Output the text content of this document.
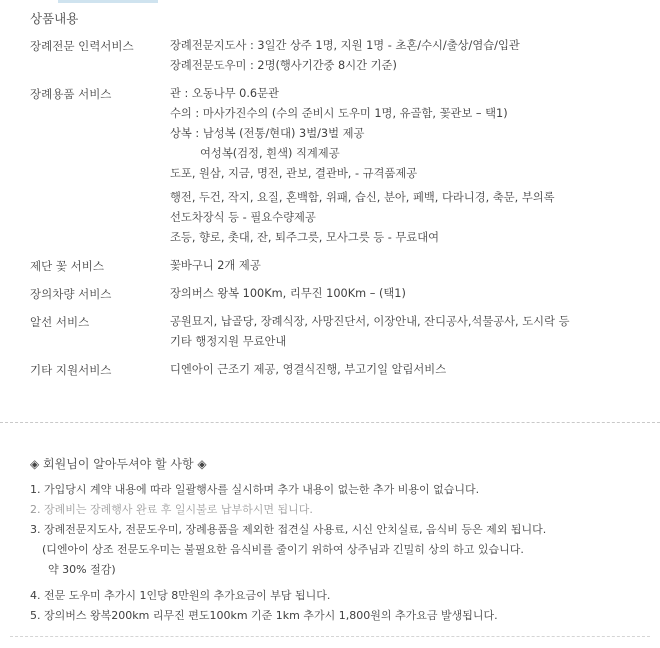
상품내용
장례전문 인력서비스	장례전문지도사 : 3일간 상주 1명, 지원 1명 - 초혼/수시/출상/염습/입관
장례전문도우미 : 2명(행사기간중 8시간 기준)
장례용품 서비스	관 : 오동나무 0.6문관
수의 : 마사가진수의 (수의 준비시 도우미 1명, 유골함, 꽃관보 – 택1)
상복 : 남성복 (전통/현대) 3벌/3벌 제공
여성복(검정, 흰색) 직계제공
도포, 원삼, 지금, 명전, 관보, 결관바, - 규격품제공
행전, 두건, 작지, 요질, 혼백함, 위패, 습신, 분아, 페백, 다라니경, 축문, 부의록
선도차장식 등 - 필요수량제공
조등, 향로, 촛대, 잔, 퇴주그릇, 모사그릇 등 - 무료대여
제단 꽃 서비스	꽃바구니 2개 제공
장의차량 서비스	장의버스 왕복 100Km, 리무진 100Km – (택1)
알선 서비스	공원묘지, 납골당, 장례식장, 사망진단서, 이장안내, 잔디공사,석물공사, 도시락 등
기타 행정지원 무료안내
기타 지원서비스	디엔아이 근조기 제공, 영결식진행, 부고기일 알림서비스
◈ 회원님이 알아두셔야 할 사항 ◈
1. 가입당시 계약 내용에 따라 일괄행사를 실시하며 추가 내용이 없는한 추가 비용이 없습니다.
2. 장례비는 장례행사 완료 후 일시불로 납부하시면 됩니다.
3. 장례전문지도사, 전문도우미, 장례용품을 제외한 접견실 사용료, 시신 안치실료, 음식비 등은 제외 됩니다.
(디엔아이 상조 전문도우미는 불필요한 음식비를 줄이기 위하여 상주님과 긴밀히 상의 하고 있습니다.
약 30% 절감)
4. 전문 도우미 추가시 1인당 8만원의 추가요금이 부담 됩니다.
5. 장의버스 왕복200km 리무진 편도100km 기준 1km 추가시 1,800원의 추가요금 발생됩니다.
